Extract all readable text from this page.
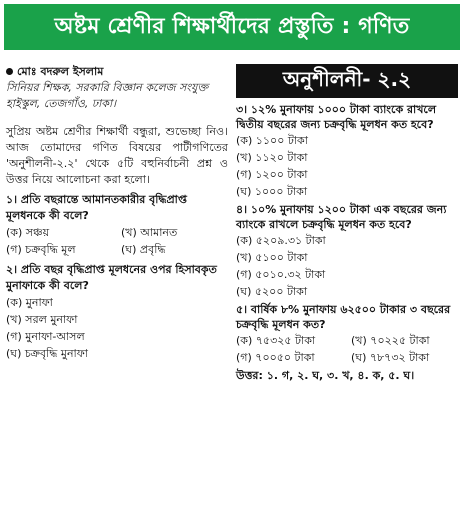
অষ্টম শ্রেণীর শিক্ষার্থীদের প্রস্তুতি : গণিত
মোঃ বদরুল ইসলাম
সিনিয়র শিক্ষক, সরকারি বিজ্ঞান কলেজ সংযুক্ত হাইস্কুল, তেজগাঁও, ঢাকা।
সুপ্রিয় অষ্টম শ্রেণীর শিক্ষার্থী বন্ধুরা, শুভেচ্ছা নিও। আজ তোমাদের গণিত বিষয়ের পাটীগণিতের 'অনুশীলনী-২.২' থেকে ৫টি বহুনির্বাচনী প্রশ্ন ও উত্তর নিয়ে আলোচনা করা হলো।
১। প্রতি বছরান্তে আমানতকারীর বৃদ্ধিপ্রাপ্ত মূলধনকে কী বলে?
(ক) সঞ্চয়	(খ) আমানত
(গ) চক্রবৃদ্ধি মূল	(ঘ) প্রবৃদ্ধি
২। প্রতি বছর বৃদ্ধিপ্রাপ্ত মূলধনের ওপর হিসাবকৃত মুনাফাকে কী বলে?
(ক) মুনাফা
(খ) সরল মুনাফা
(গ) মুনাফা-আসল
(ঘ) চক্রবৃদ্ধি মুনাফা
অনুশীলনী- ২.২
৩। ১২% মুনাফায় ১০০০ টাকা ব্যাংকে রাখলে দ্বিতীয় বছরের জন্য চক্রবৃদ্ধি মূলধন কত হবে?
(ক) ১১০০ টাকা
(খ) ১১২০ টাকা
(গ) ১২০০ টাকা
(ঘ) ১০০০ টাকা
৪। ১০% মুনাফায় ১২০০ টাকা এক বছরের জন্য ব্যাংকে রাখলে চক্রবৃদ্ধি মূলধন কত হবে?
(ক) ৫২০৯.৩১ টাকা
(খ) ৫১০০ টাকা
(গ) ৫০১০.৩২ টাকা
(ঘ) ৫২০০ টাকা
৫। বার্ষিক ৮% মুনাফায় ৬২৫০০ টাকার ৩ বছরের চক্রবৃদ্ধি মূলধন কত?
(ক) ৭৫৩২৫ টাকা	(খ) ৭০২২৫ টাকা
(গ) ৭০০৫০ টাকা	(ঘ) ৭৮৭৩২ টাকা
উত্তর: ১. গ, ২. ঘ, ৩. খ, ৪. ক, ৫. ঘ।
